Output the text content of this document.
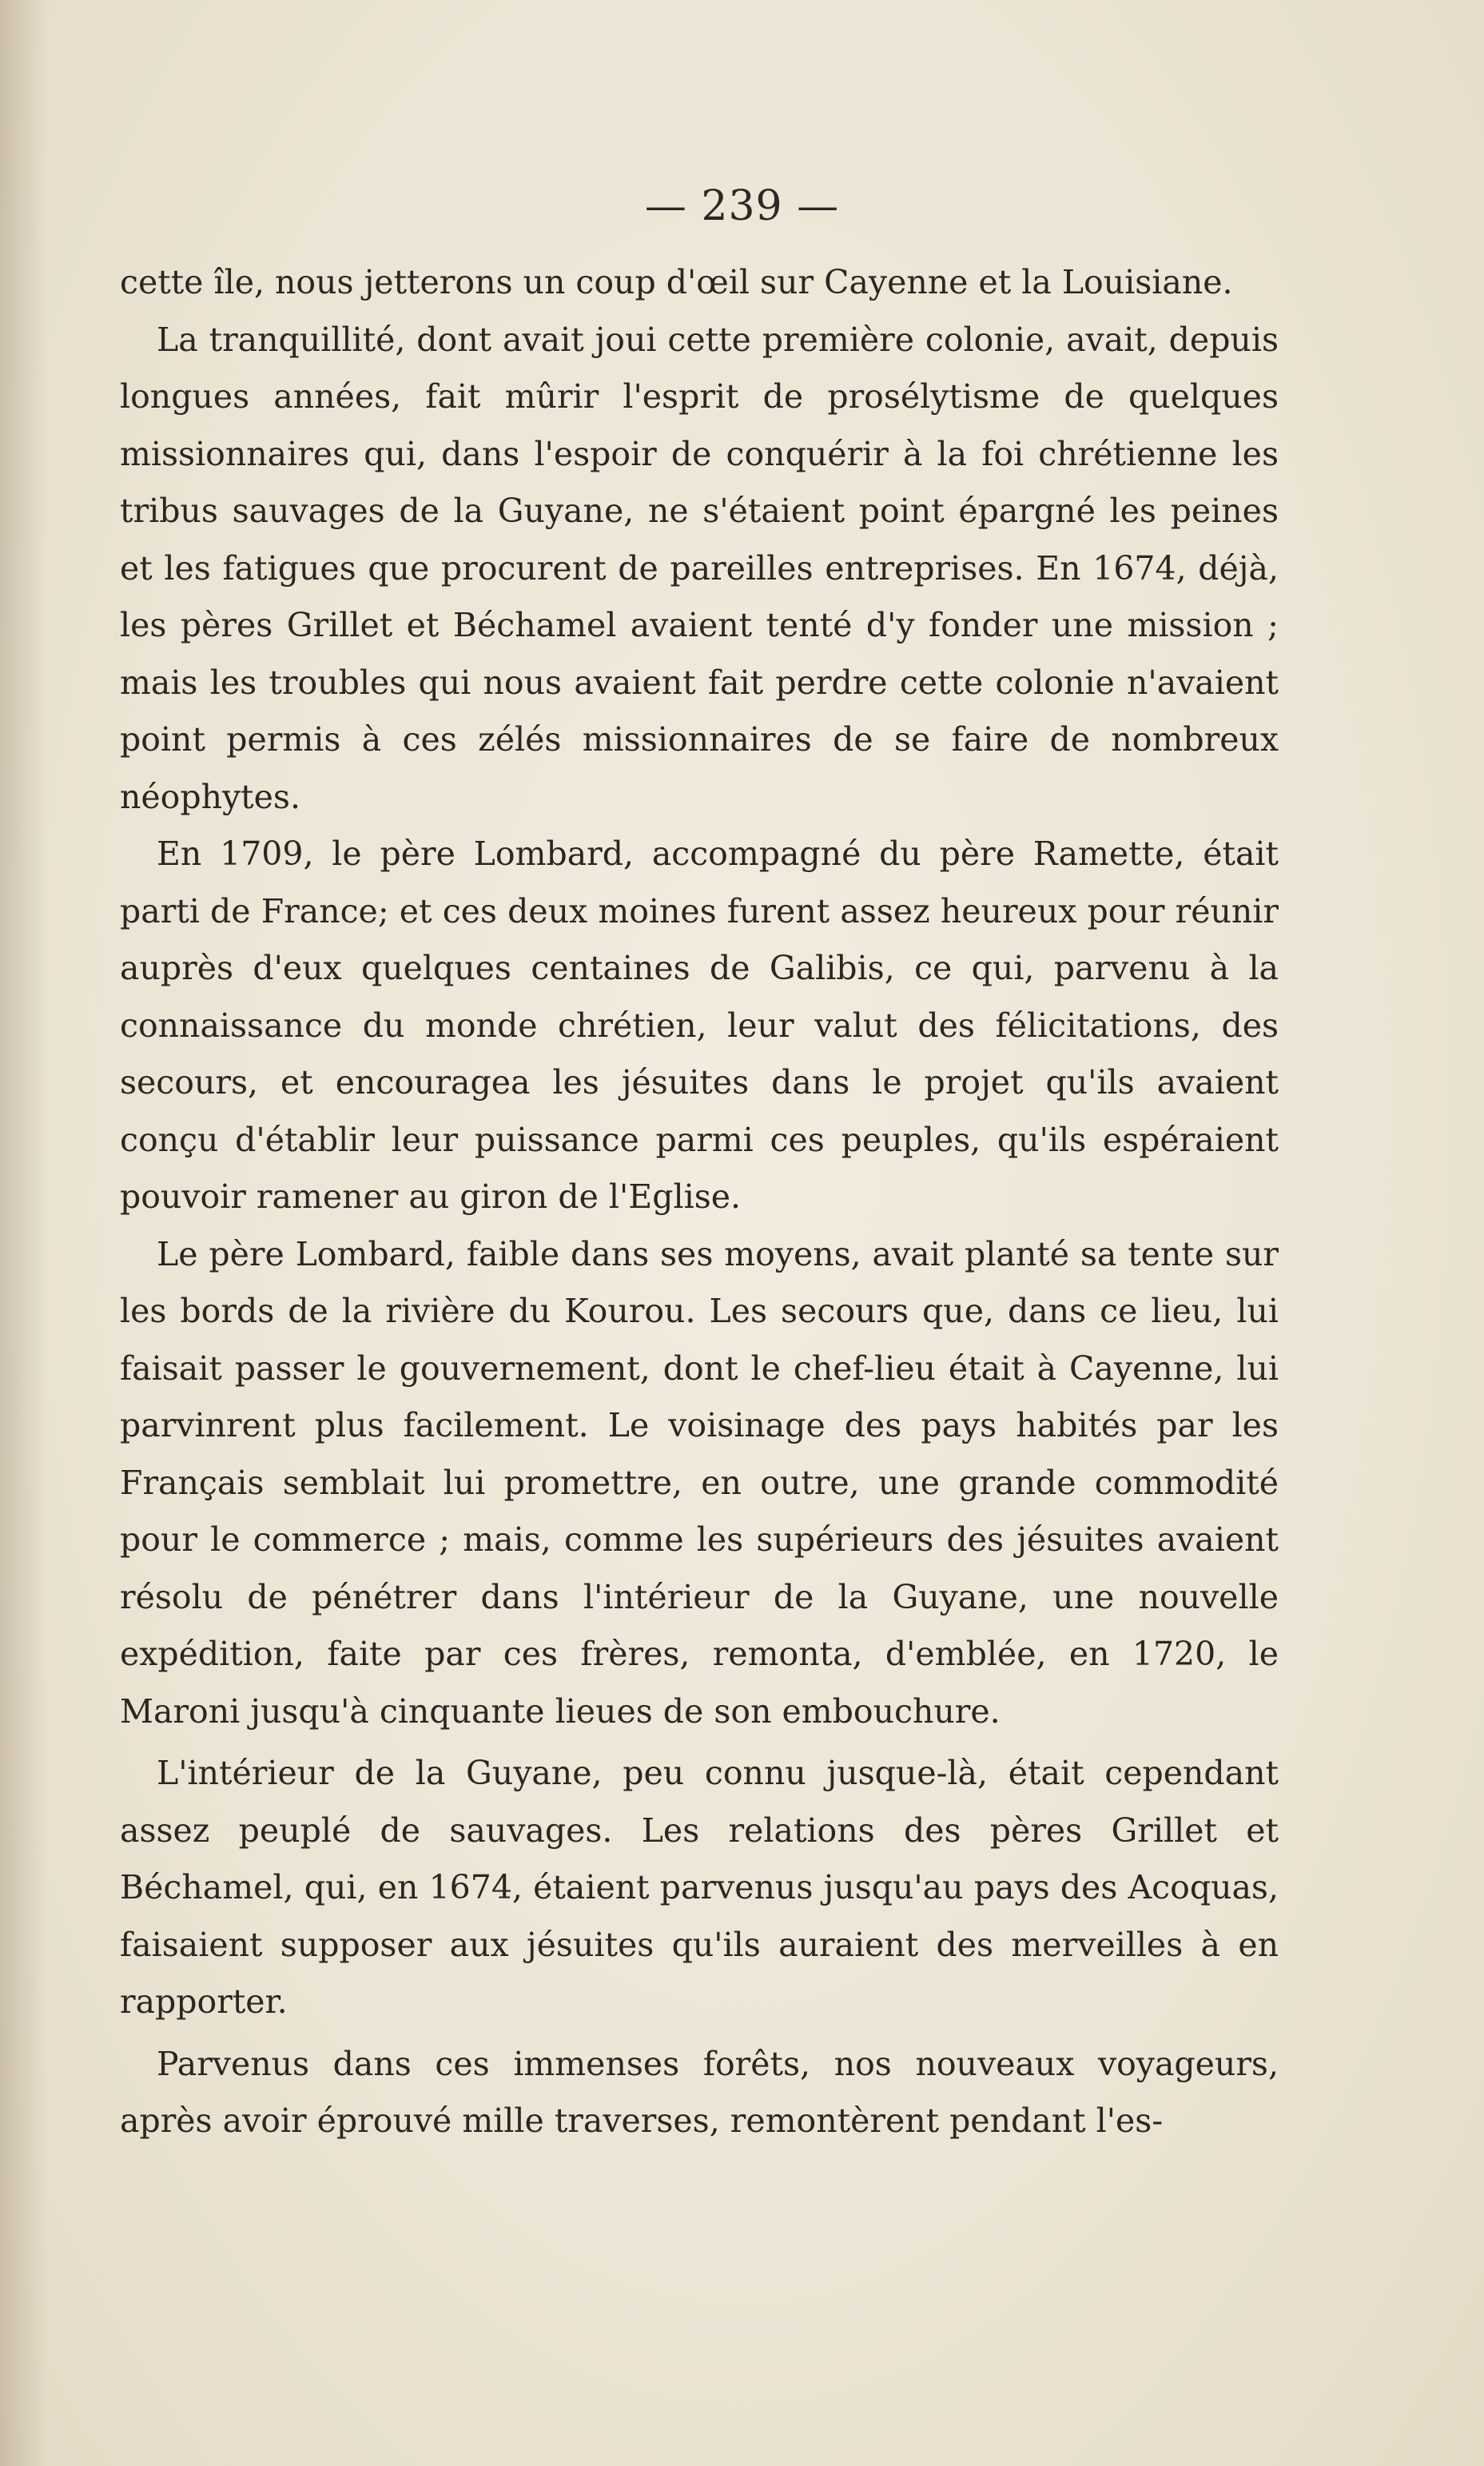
— 239 —

cette île, nous jetterons un coup d'œil sur Cayenne et la Louisiane.

La tranquillité, dont avait joui cette première colonie, avait, depuis longues années, fait mûrir l'esprit de prosélytisme de quelques missionnaires qui, dans l'espoir de conquérir à la foi chrétienne les tribus sauvages de la Guyane, ne s'étaient point épargné les peines et les fatigues que procurent de pareilles entreprises. En 1674, déjà, les pères Grillet et Béchamel avaient tenté d'y fonder une mission ; mais les troubles qui nous avaient fait perdre cette colonie n'avaient point permis à ces zélés missionnaires de se faire de nombreux néophytes.

En 1709, le père Lombard, accompagné du père Ramette, était parti de France; et ces deux moines furent assez heureux pour réunir auprès d'eux quelques centaines de Galibis, ce qui, parvenu à la connaissance du monde chrétien, leur valut des félicitations, des secours, et encouragea les jésuites dans le projet qu'ils avaient conçu d'établir leur puissance parmi ces peuples, qu'ils espéraient pouvoir ramener au giron de l'Eglise.

Le père Lombard, faible dans ses moyens, avait planté sa tente sur les bords de la rivière du Kourou. Les secours que, dans ce lieu, lui faisait passer le gouvernement, dont le chef-lieu était à Cayenne, lui parvinrent plus facilement. Le voisinage des pays habités par les Français semblait lui promettre, en outre, une grande commodité pour le commerce ; mais, comme les supérieurs des jésuites avaient résolu de pénétrer dans l'intérieur de la Guyane, une nouvelle expédition, faite par ces frères, remonta, d'emblée, en 1720, le Maroni jusqu'à cinquante lieues de son embouchure.

L'intérieur de la Guyane, peu connu jusque-là, était cependant assez peuplé de sauvages. Les relations des pères Grillet et Béchamel, qui, en 1674, étaient parvenus jusqu'au pays des Acoquas, faisaient supposer aux jésuites qu'ils auraient des merveilles à en rapporter.

Parvenus dans ces immenses forêts, nos nouveaux voyageurs, après avoir éprouvé mille traverses, remontèrent pendant l'es-
